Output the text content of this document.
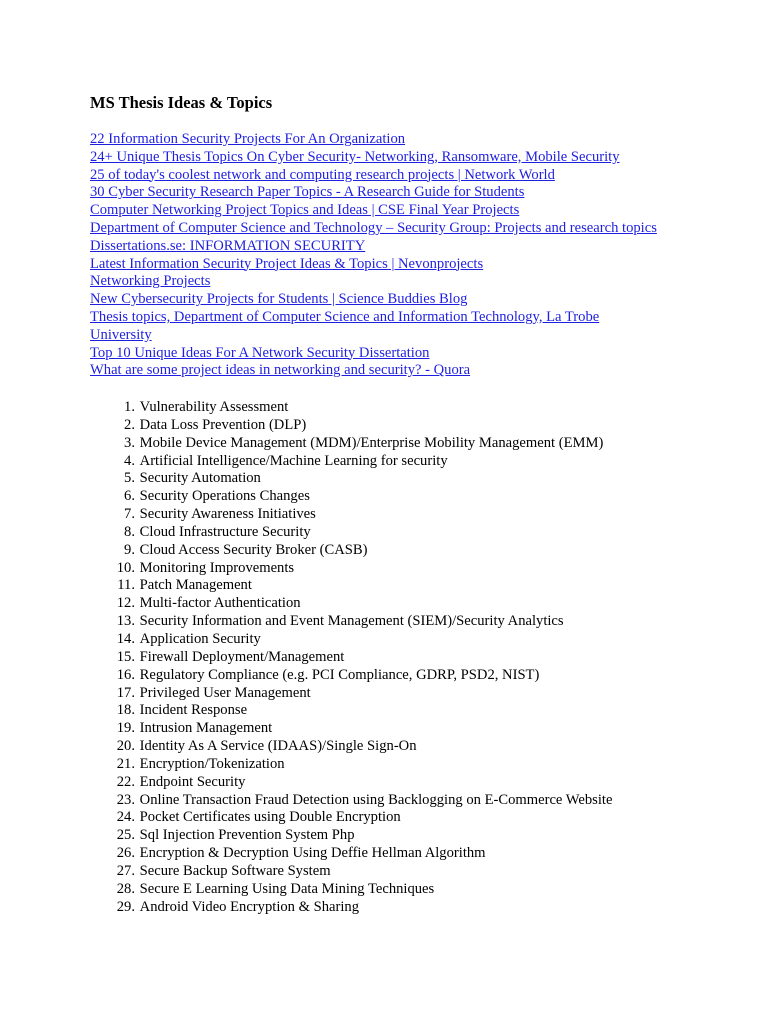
MS Thesis Ideas & Topics
22 Information Security Projects For An Organization
24+ Unique Thesis Topics On Cyber Security- Networking, Ransomware, Mobile Security
25 of today's coolest network and computing research projects | Network World
30 Cyber Security Research Paper Topics - A Research Guide for Students
Computer Networking Project Topics and Ideas | CSE Final Year Projects
Department of Computer Science and Technology – Security Group: Projects and research topics
Dissertations.se: INFORMATION SECURITY
Latest Information Security Project Ideas & Topics | Nevonprojects
Networking Projects
New Cybersecurity Projects for Students | Science Buddies Blog
Thesis topics, Department of Computer Science and Information Technology, La Trobe
University
Top 10 Unique Ideas For A Network Security Dissertation
What are some project ideas in networking and security? - Quora
1.
Vulnerability Assessment
2.
Data Loss Prevention (DLP)
3.
Mobile Device Management (MDM)/Enterprise Mobility Management (EMM)
4.
Artificial Intelligence/Machine Learning for security
5.
Security Automation
6.
Security Operations Changes
7.
Security Awareness Initiatives
8.
Cloud Infrastructure Security
9.
Cloud Access Security Broker (CASB)
10.
Monitoring Improvements
11.
Patch Management
12.
Multi-factor Authentication
13.
Security Information and Event Management (SIEM)/Security Analytics
14.
Application Security
15.
Firewall Deployment/Management
16.
Regulatory Compliance (e.g. PCI Compliance, GDRP, PSD2, NIST)
17.
Privileged User Management
18.
Incident Response
19.
Intrusion Management
20.
Identity As A Service (IDAAS)/Single Sign-On
21.
Encryption/Tokenization
22.
Endpoint Security
23.
Online Transaction Fraud Detection using Backlogging on E-Commerce Website
24.
Pocket Certificates using Double Encryption
25.
Sql Injection Prevention System Php
26.
Encryption & Decryption Using Deffie Hellman Algorithm
27.
Secure Backup Software System
28.
Secure E Learning Using Data Mining Techniques
29.
Android Video Encryption & Sharing
